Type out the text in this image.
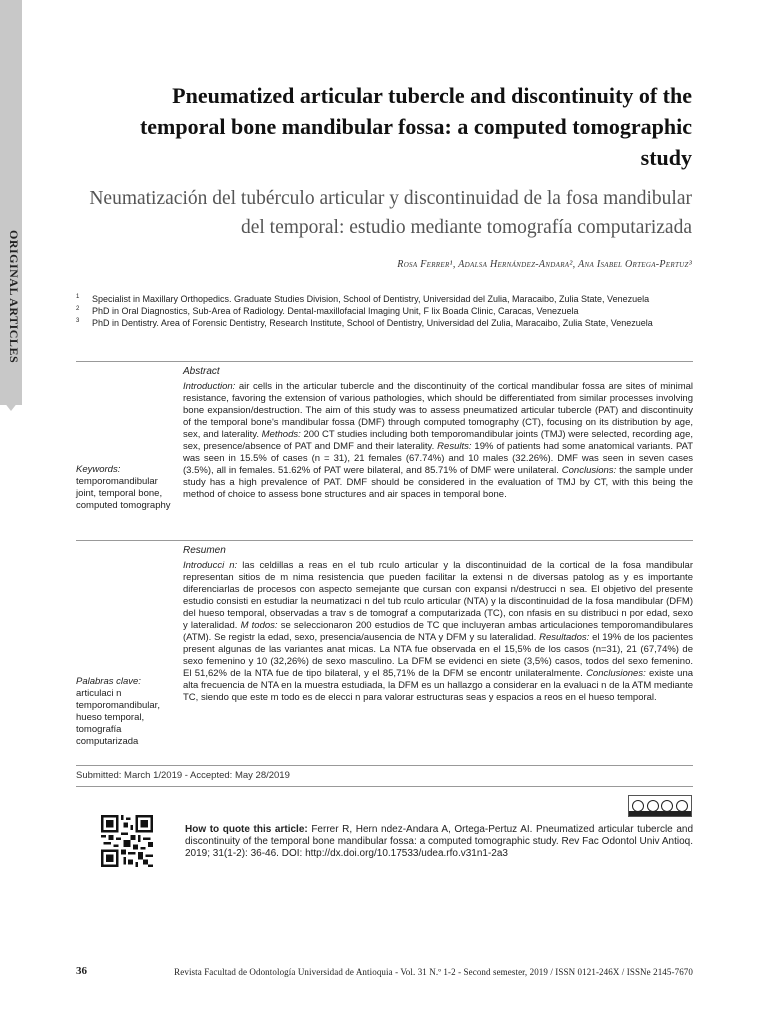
ORIGINAL ARTICLES
Pneumatized articular tubercle and discontinuity of the temporal bone mandibular fossa: a computed tomographic study
Neumatización del tubérculo articular y discontinuidad de la fosa mandibular del temporal: estudio mediante tomografía computarizada
Rosa Ferrer¹, Adalsa Hernández-Andara², Ana Isabel Ortega-Pertuz³
1 Specialist in Maxillary Orthopedics. Graduate Studies Division, School of Dentistry, Universidad del Zulia, Maracaibo, Zulia State, Venezuela
2 PhD in Oral Diagnostics, Sub-Area of Radiology. Dental-maxillofacial Imaging Unit, F lix Boada Clinic, Caracas, Venezuela
3 PhD in Dentistry. Area of Forensic Dentistry, Research Institute, School of Dentistry, Universidad del Zulia, Maracaibo, Zulia State, Venezuela
Keywords: temporomandibular joint, temporal bone, computed tomography
Abstract
Introduction: air cells in the articular tubercle and the discontinuity of the cortical mandibular fossa are sites of minimal resistance, favoring the extension of various pathologies, which should be differentiated from similar processes involving bone expansion/destruction. The aim of this study was to assess pneumatized articular tubercle (PAT) and discontinuity of the temporal bone's mandibular fossa (DMF) through computed tomography (CT), focusing on its distribution by age, sex, and laterality. Methods: 200 CT studies including both temporomandibular joints (TMJ) were selected, recording age, sex, presence/absence of PAT and DMF and their laterality. Results: 19% of patients had some anatomical variants. PAT was seen in 15.5% of cases (n = 31), 21 females (67.74%) and 10 males (32.26%). DMF was seen in seven cases (3.5%), all in females. 51.62% of PAT were bilateral, and 85.71% of DMF were unilateral. Conclusions: the sample under study has a high prevalence of PAT. DMF should be considered in the evaluation of TMJ by CT, with this being the method of choice to assess bone structures and air spaces in temporal bone.
Palabras clave: articulaci n temporomandibular, hueso temporal, tomografía computarizada
Resumen
Introducci n: las celdillas a reas en el tub rculo articular y la discontinuidad de la cortical de la fosa mandibular representan sitios de m nima resistencia que pueden facilitar la extensi n de diversas patolog as y es importante diferenciarlas de procesos con aspecto semejante que cursan con expansi n/destrucci n sea. El objetivo del presente estudio consisti en estudiar la neumatizaci n del tub rculo articular (NTA) y la discontinuidad de la fosa mandibular (DFM) del hueso temporal, observadas a trav s de tomograf a computarizada (TC), con nfasis en su distribuci n por edad, sexo y lateralidad. M todos: se seleccionaron 200 estudios de TC que incluyeran ambas articulaciones temporomandibulares (ATM). Se registr la edad, sexo, presencia/ausencia de NTA y DFM y su lateralidad. Resultados: el 19% de los pacientes present algunas de las variantes anat micas. La NTA fue observada en el 15,5% de los casos (n=31), 21 (67,74%) de sexo femenino y 10 (32,26%) de sexo masculino. La DFM se evidenci en siete (3,5%) casos, todos del sexo femenino. El 51,62% de la NTA fue de tipo bilateral, y el 85,71% de la DFM se encontr unilateralmente. Conclusiones: existe una alta frecuencia de NTA en la muestra estudiada, la DFM es un hallazgo a considerar en la evaluaci n de la ATM mediante TC, siendo que este m todo es de elecci n para valorar estructuras seas y espacios a reos en el hueso temporal.
Submitted: March 1/2019 - Accepted: May 28/2019
How to quote this article: Ferrer R, Hern ndez-Andara A, Ortega-Pertuz AI. Pneumatized articular tubercle and discontinuity of the temporal bone mandibular fossa: a computed tomographic study. Rev Fac Odontol Univ Antioq. 2019; 31(1-2): 36-46. DOI: http://dx.doi.org/10.17533/udea.rfo.v31n1-2a3
36	Revista Facultad de Odontología Universidad de Antioquia - Vol. 31 N.º 1-2 - Second semester, 2019 / ISSN 0121-246X / ISSNe 2145-7670
